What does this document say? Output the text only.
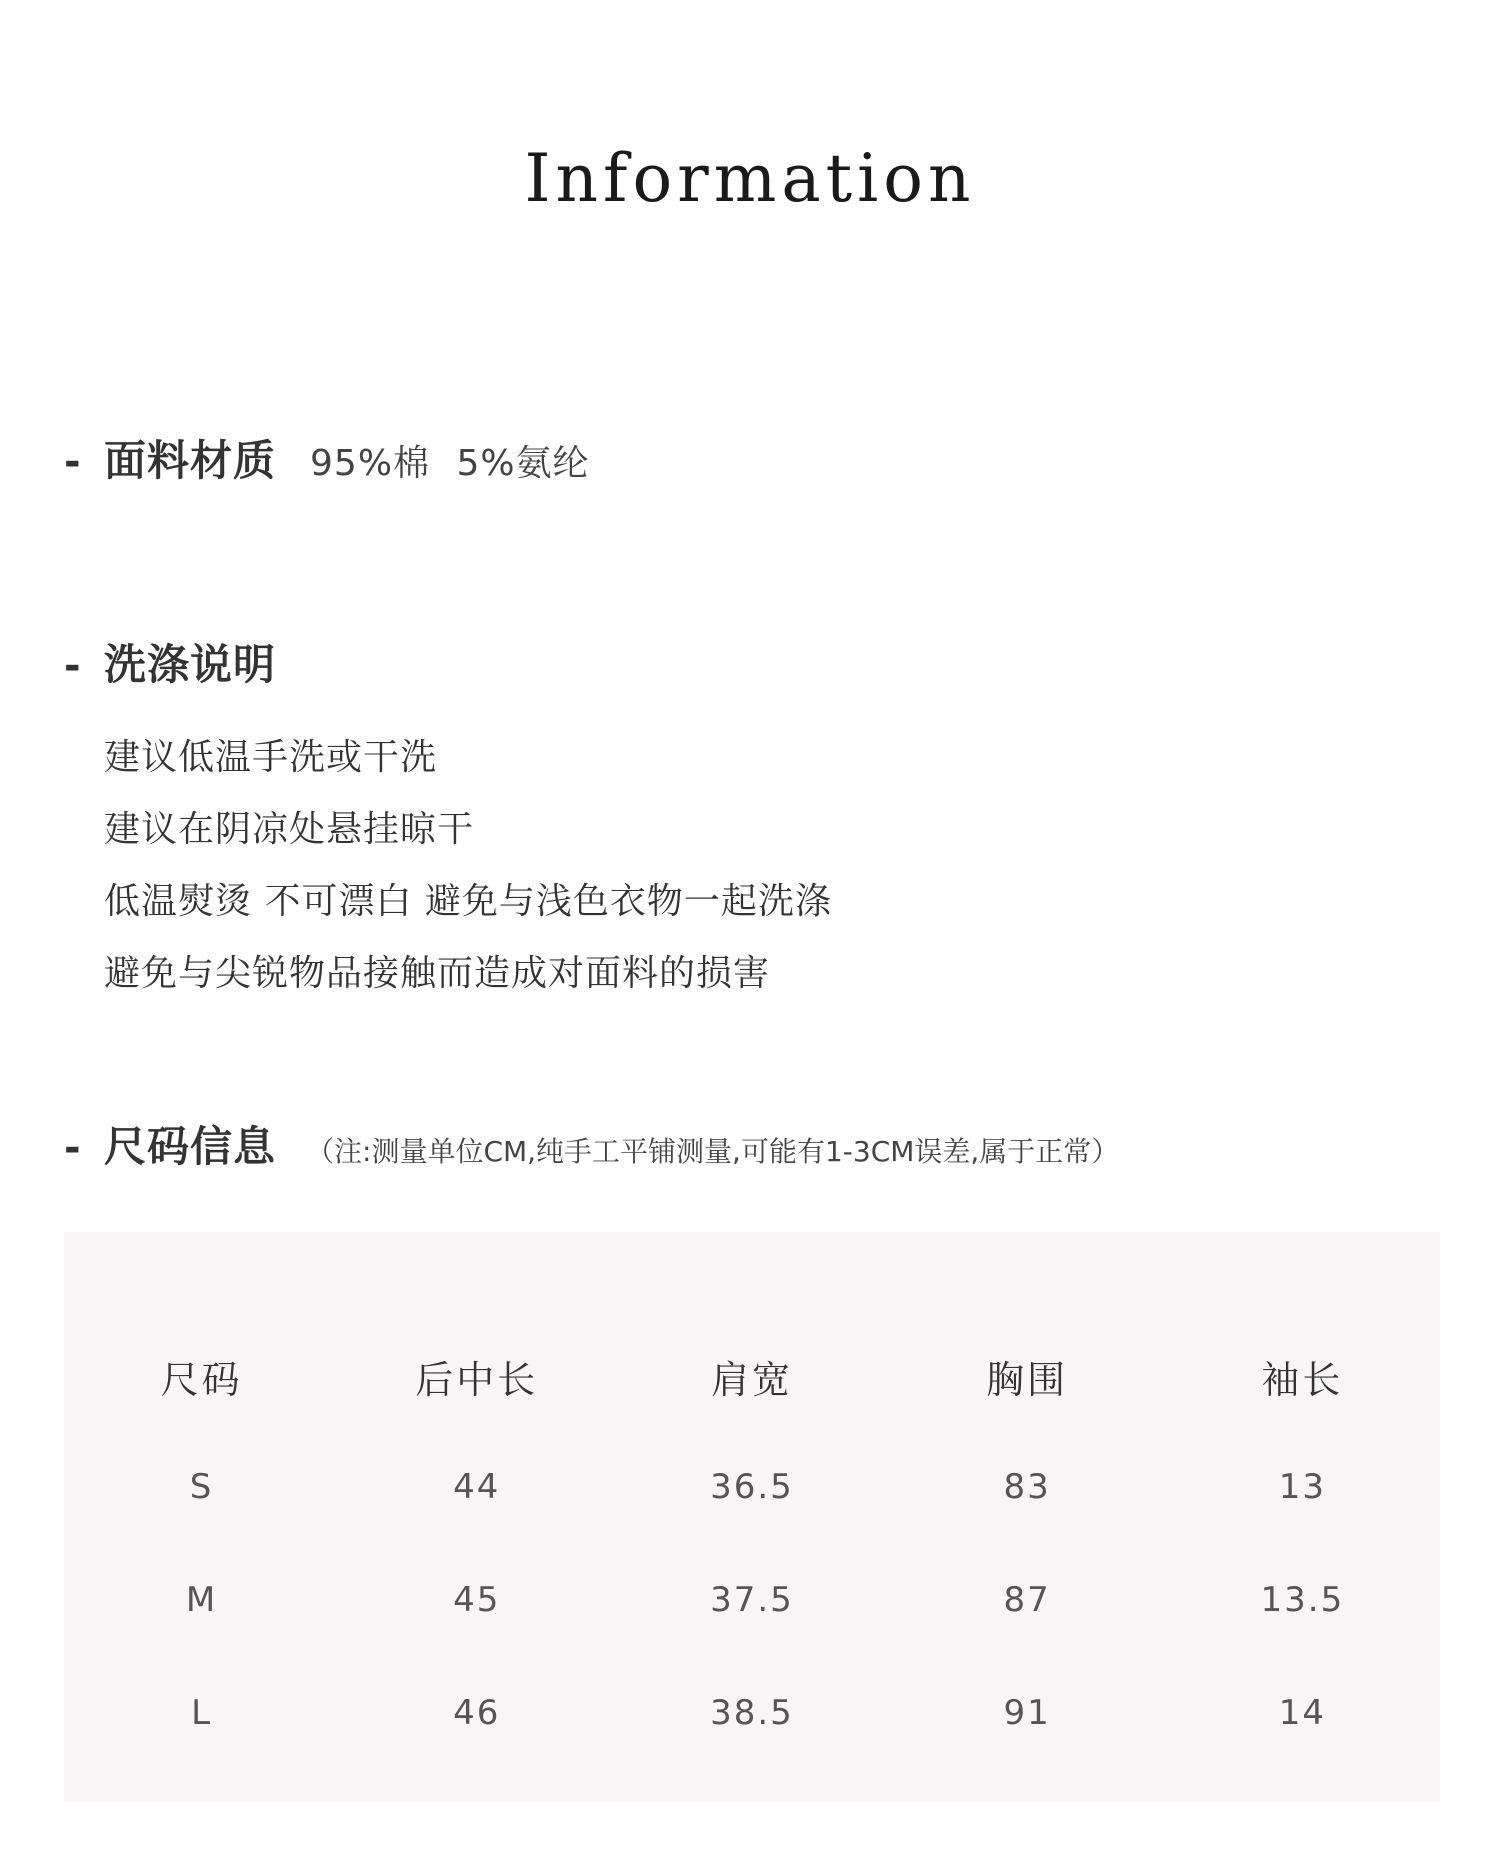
Information
- 面料材质 95%棉 5%氨纶
- 洗涤说明
建议低温手洗或干洗
建议在阴凉处悬挂晾干
低温熨烫 不可漂白 避免与浅色衣物一起洗涤
避免与尖锐物品接触而造成对面料的损害
- 尺码信息 （注:测量单位CM,纯手工平铺测量,可能有1-3CM误差,属于正常）
尺码	后中长	肩宽	胸围	袖长
S	44	36.5	83	13
M	45	37.5	87	13.5
L	46	38.5	91	14
